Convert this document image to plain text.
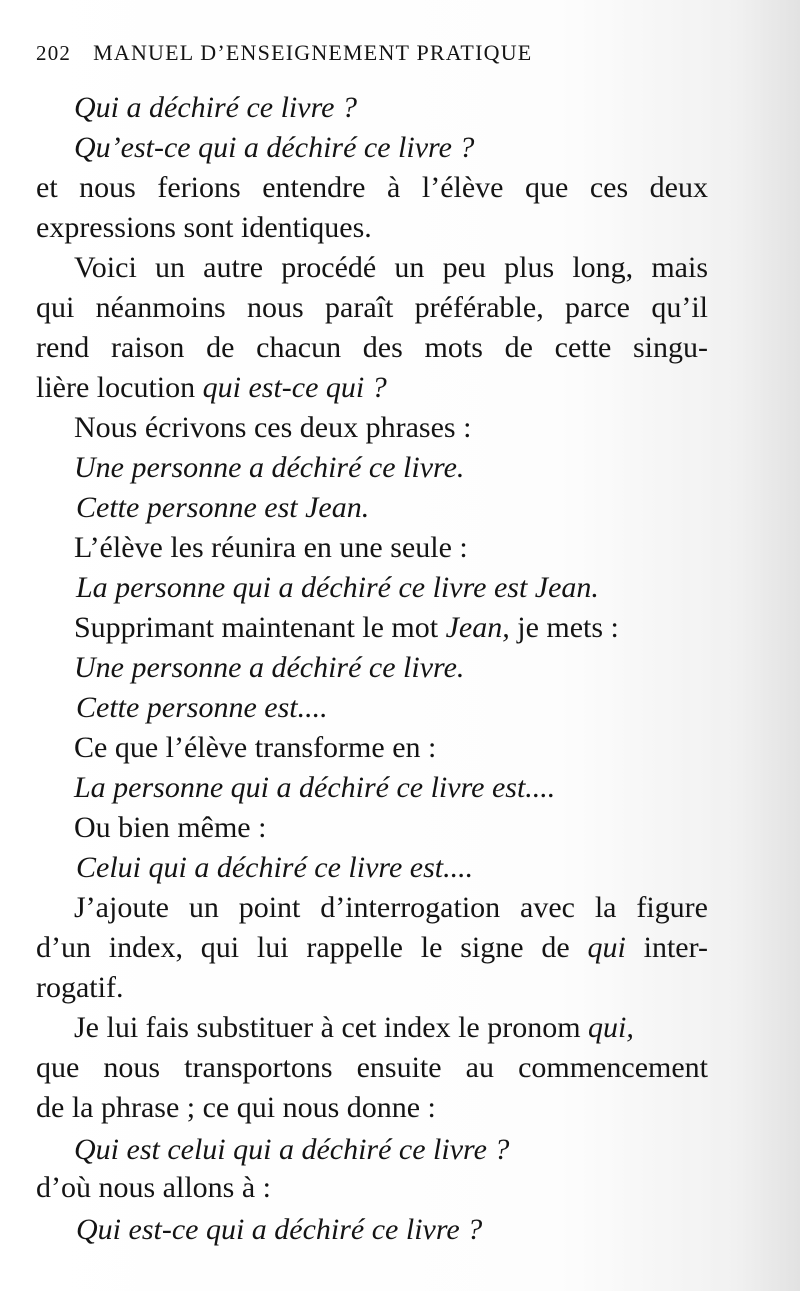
202 MANUEL D’ENSEIGNEMENT PRATIQUE
Qui a déchiré ce livre ?
Qu’est-ce qui a déchiré ce livre ?
et nous ferions entendre à l’élève que ces deux
expressions sont identiques.
Voici un autre procédé un peu plus long, mais
qui néanmoins nous paraît préférable, parce qu’il
rend raison de chacun des mots de cette singu-
lière locution qui est-ce qui ?
Nous écrivons ces deux phrases :
Une personne a déchiré ce livre.
Cette personne est Jean.
L’élève les réunira en une seule :
La personne qui a déchiré ce livre est Jean.
Supprimant maintenant le mot Jean, je mets :
Une personne a déchiré ce livre.
Cette personne est....
Ce que l’élève transforme en :
La personne qui a déchiré ce livre est....
Ou bien même :
Celui qui a déchiré ce livre est....
J’ajoute un point d’interrogation avec la figure
d’un index, qui lui rappelle le signe de qui inter-
rogatif.
Je lui fais substituer à cet index le pronom qui,
que nous transportons ensuite au commencement
de la phrase ; ce qui nous donne :
Qui est celui qui a déchiré ce livre ?
d’où nous allons à :
Qui est-ce qui a déchiré ce livre ?
